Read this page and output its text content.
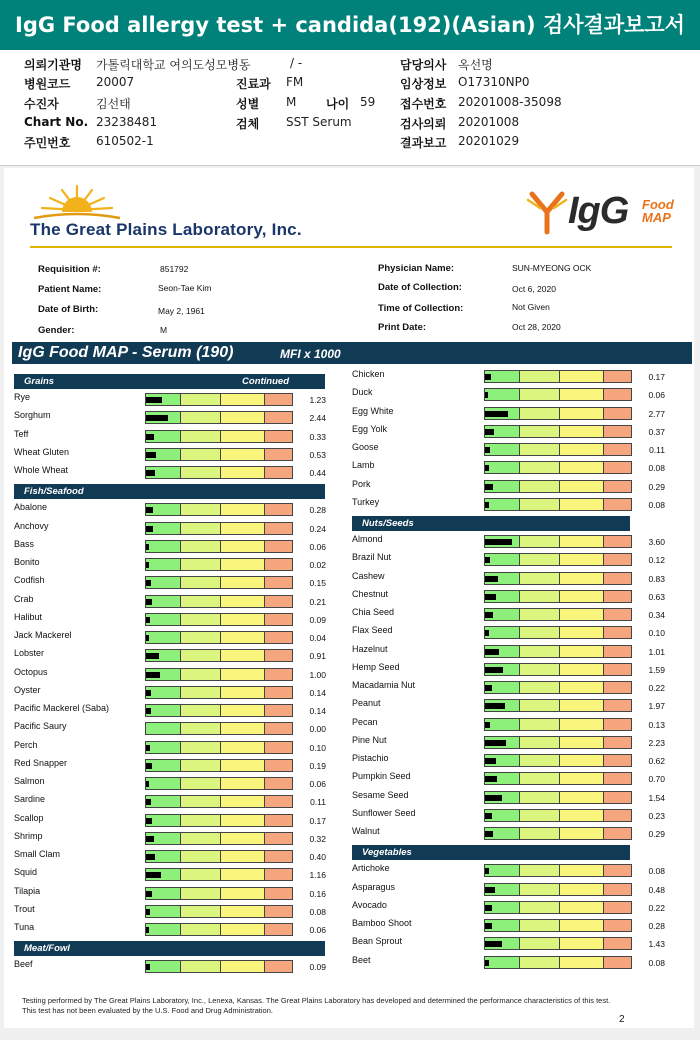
IgG Food allergy test + candida(192)(Asian) 검사결과보고서
의뢰기관명 가톨릭대학교 여의도성모병동	/ -	담당의사 옥선명
병원코드 20007	진료과 FM	임상정보 O17310NP0
수진자	김선태	성별 M 나이 59 접수번호 20201008-35098
Chart No. 23238481	검체 SST Serum	검사의뢰 20201008
주민번호 610502-1	결과보고 20201029
The Great Plains Laboratory, Inc.	IgG Food
MAP
Requisition #:	851792
Patient Name:	Seon-Tae Kim
Date of Birth:	May 2, 1961
Gender:	M
Physician Name:	SUN-MYEONG OCK
Date of Collection:	Oct 6, 2020
Time of Collection:	Not Given
Print Date:	Oct 28, 2020
IgG Food MAP - Serum (190)	MFI x 1000
Grains	Continued
Rye	1.23
Sorghum	2.44
Teff	0.33
Wheat Gluten	0.53
Whole Wheat	0.44
Fish/Seafood
Abalone	0.28
Anchovy	0.24
Bass	0.06
Bonito	0.02
Codfish	0.15
Crab	0.21
Halibut	0.09
Jack Mackerel	0.04
Lobster	0.91
Octopus	1.00
Oyster	0.14
Pacific Mackerel (Saba)	0.14
Pacific Saury	0.00
Perch	0.10
Red Snapper	0.19
Salmon	0.06
Sardine	0.11
Scallop	0.17
Shrimp	0.32
Small Clam	0.40
Squid	1.16
Tilapia	0.16
Trout	0.08
Tuna	0.06
Meat/Fowl
Beef	0.09
Chicken	0.17
Duck	0.06
Egg White	2.77
Egg Yolk	0.37
Goose	0.11
Lamb	0.08
Pork	0.29
Turkey	0.08
Nuts/Seeds
Almond	3.60
Brazil Nut	0.12
Cashew	0.83
Chestnut	0.63
Chia Seed	0.34
Flax Seed	0.10
Hazelnut	1.01
Hemp Seed	1.59
Macadamia Nut	0.22
Peanut	1.97
Pecan	0.13
Pine Nut	2.23
Pistachio	0.62
Pumpkin Seed	0.70
Sesame Seed	1.54
Sunflower Seed	0.23
Walnut	0.29
Vegetables
Artichoke	0.08
Asparagus	0.48
Avocado	0.22
Bamboo Shoot	0.28
Bean Sprout	1.43
Beet	0.08
Testing performed by The Great Plains Laboratory, Inc., Lenexa, Kansas. The Great Plains Laboratory has developed and determined the performance characteristics of this test. This test has not been evaluated by the U.S. Food and Drug Administration.
2
